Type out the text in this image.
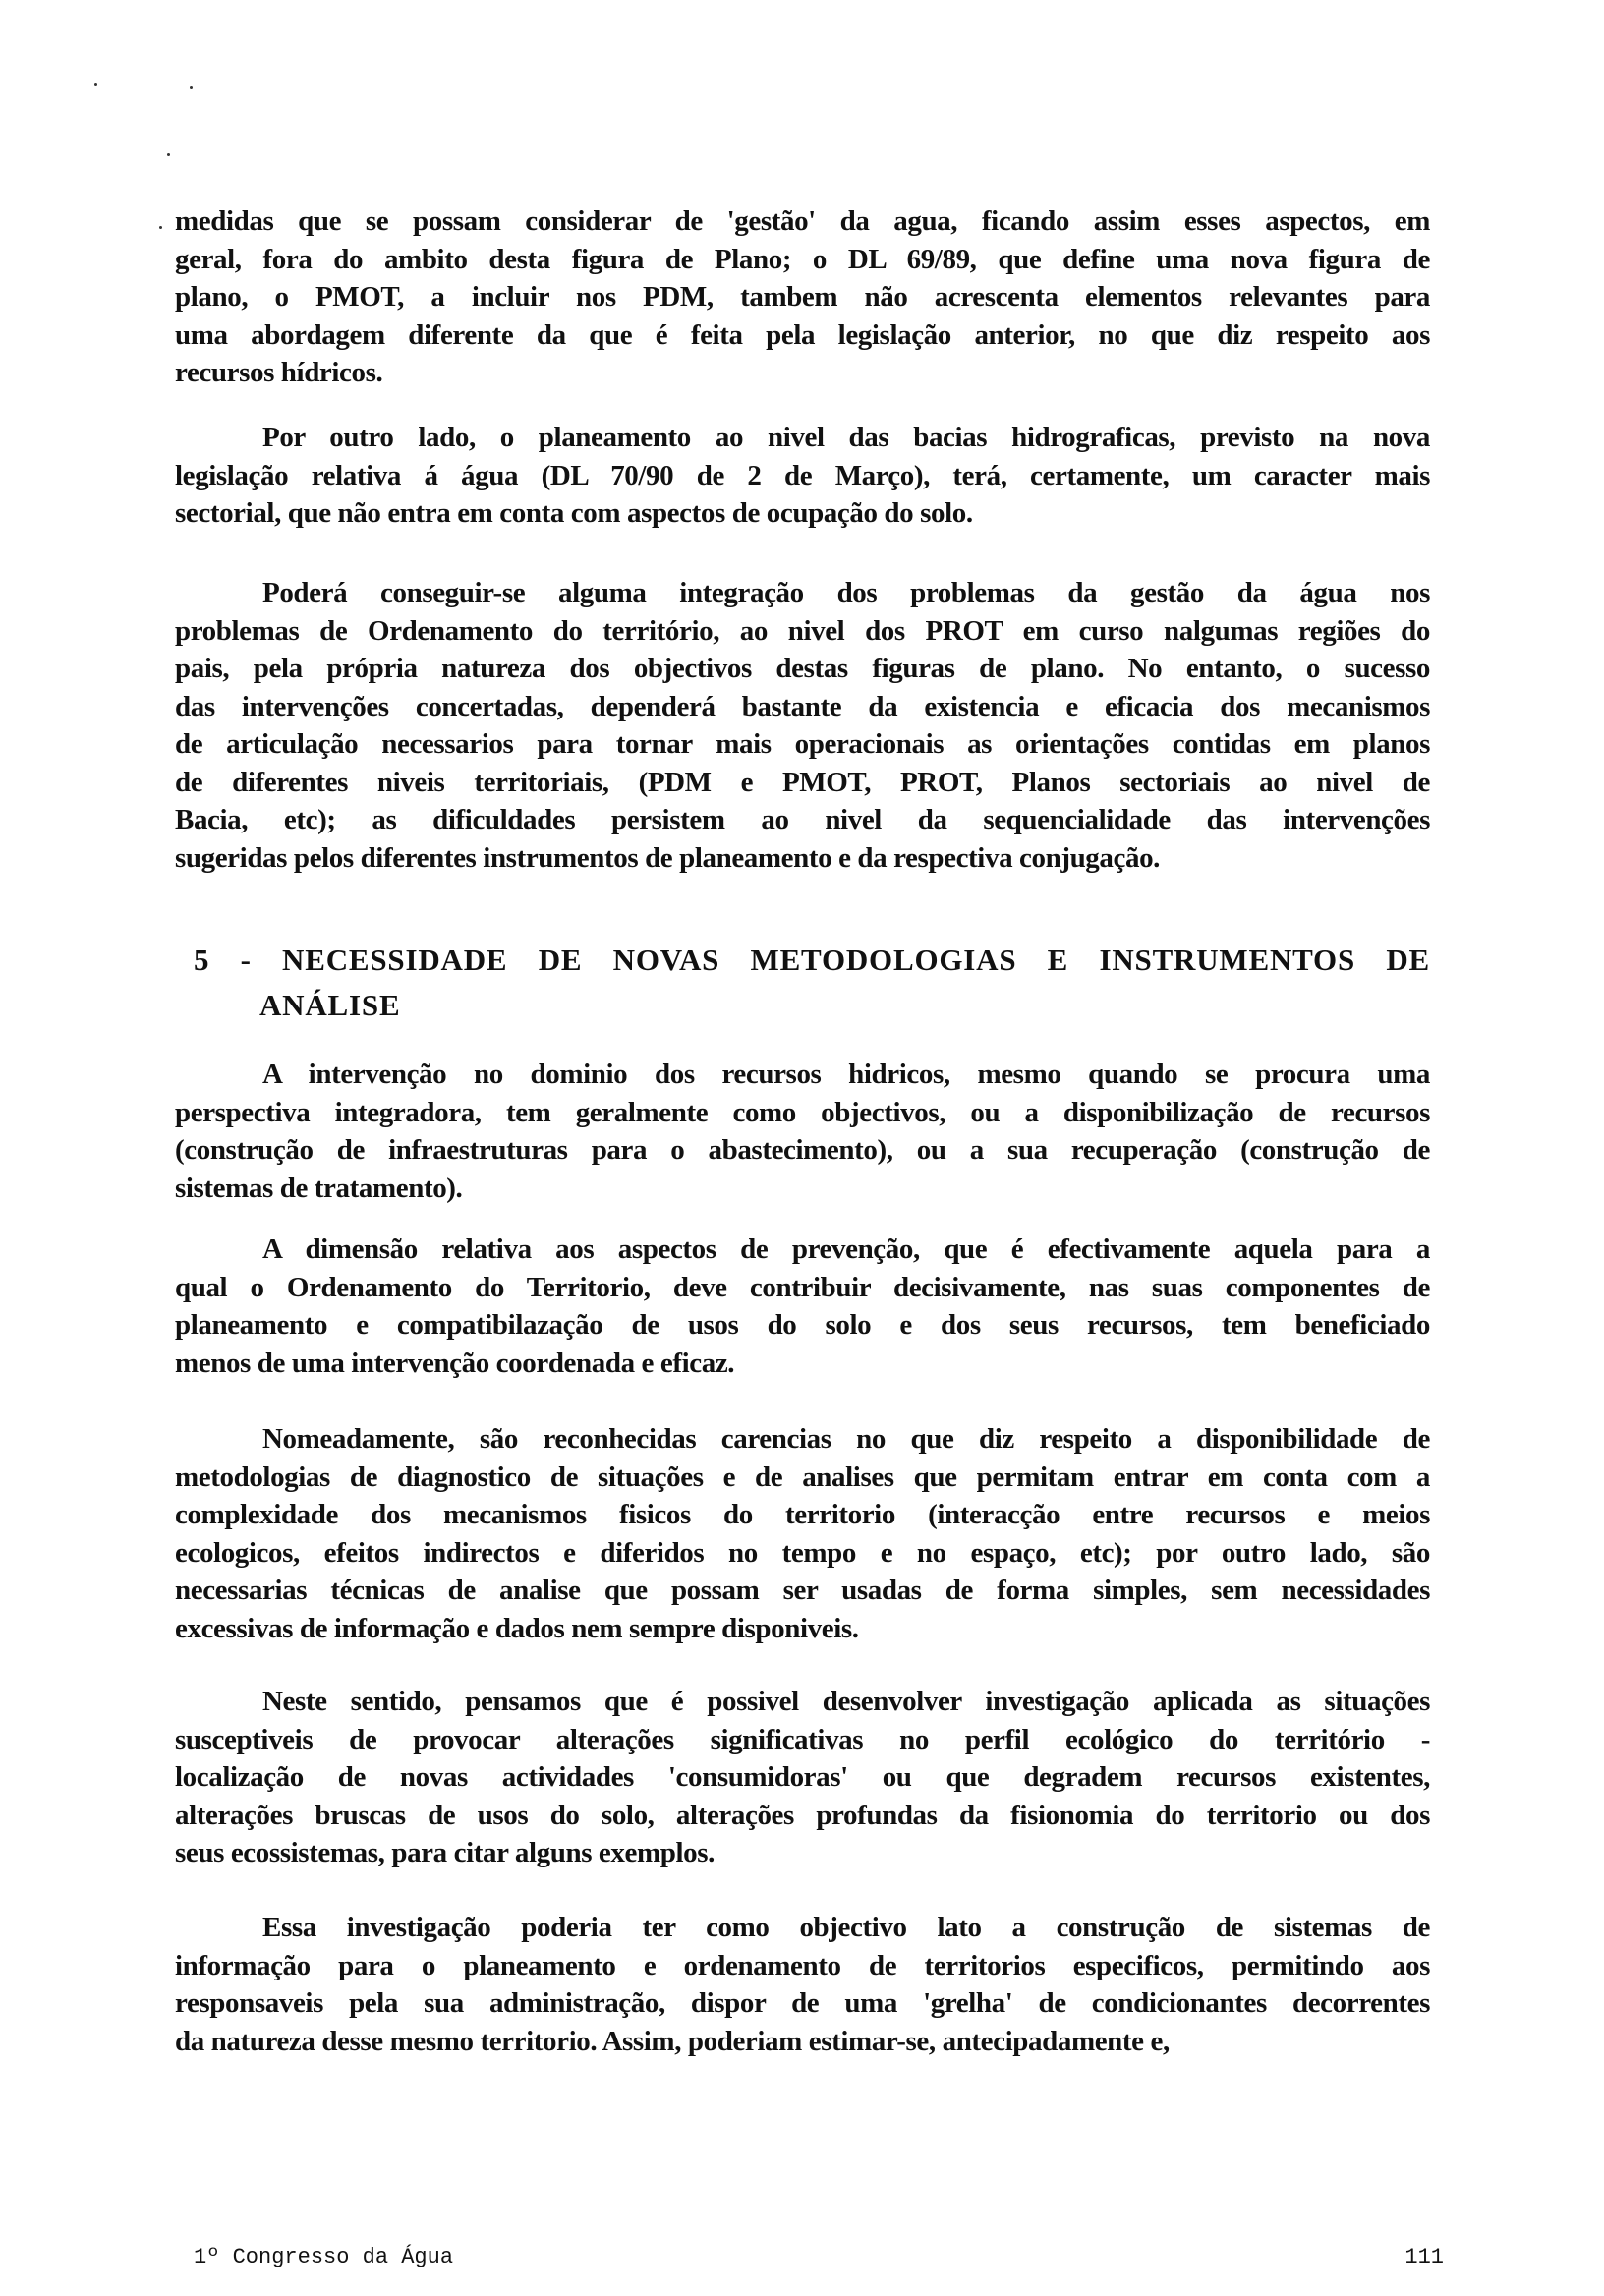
medidas que se possam considerar de 'gestão' da agua, ficando assim esses aspectos, em
geral, fora do ambito desta figura de Plano; o DL 69/89, que define uma nova figura de
plano, o PMOT, a incluir nos PDM, tambem não acrescenta elementos relevantes para
uma abordagem diferente da que é feita pela legislação anterior, no que diz respeito aos
recursos hídricos.
Por outro lado, o planeamento ao nivel das bacias hidrograficas, previsto na nova
legislação relativa á água (DL 70/90 de 2 de Março), terá, certamente, um caracter mais
sectorial, que não entra em conta com aspectos de ocupação do solo.
Poderá conseguir-se alguma integração dos problemas da gestão da água nos
problemas de Ordenamento do território, ao nivel dos PROT em curso nalgumas regiões do
pais, pela própria natureza dos objectivos destas figuras de plano. No entanto, o sucesso
das intervenções concertadas, dependerá bastante da existencia e eficacia dos mecanismos
de articulação necessarios para tornar mais operacionais as orientações contidas em planos
de diferentes niveis territoriais, (PDM e PMOT, PROT, Planos sectoriais ao nivel de
Bacia, etc); as dificuldades persistem ao nivel da sequencialidade das intervenções
sugeridas pelos diferentes instrumentos de planeamento e da respectiva conjugação.
5 - NECESSIDADE DE NOVAS METODOLOGIAS E INSTRUMENTOS DE
ANÁLISE
A intervenção no dominio dos recursos hidricos, mesmo quando se procura uma
perspectiva integradora, tem geralmente como objectivos, ou a disponibilização de recursos
(construção de infraestruturas para o abastecimento), ou a sua recuperação (construção de
sistemas de tratamento).
A dimensão relativa aos aspectos de prevenção, que é efectivamente aquela para a
qual o Ordenamento do Territorio, deve contribuir decisivamente, nas suas componentes de
planeamento e compatibilazação de usos do solo e dos seus recursos, tem beneficiado
menos de uma intervenção coordenada e eficaz.
Nomeadamente, são reconhecidas carencias no que diz respeito a disponibilidade de
metodologias de diagnostico de situações e de analises que permitam entrar em conta com a
complexidade dos mecanismos fisicos do territorio (interacção entre recursos e meios
ecologicos, efeitos indirectos e diferidos no tempo e no espaço, etc); por outro lado, são
necessarias técnicas de analise que possam ser usadas de forma simples, sem necessidades
excessivas de informação e dados nem sempre disponiveis.
Neste sentido, pensamos que é possivel desenvolver investigação aplicada as situações
susceptiveis de provocar alterações significativas no perfil ecológico do território -
localização de novas actividades 'consumidoras' ou que degradem recursos existentes,
alterações bruscas de usos do solo, alterações profundas da fisionomia do territorio ou dos
seus ecossistemas, para citar alguns exemplos.
Essa investigação poderia ter como objectivo lato a construção de sistemas de
informação para o planeamento e ordenamento de territorios especificos, permitindo aos
responsaveis pela sua administração, dispor de uma 'grelha' de condicionantes decorrentes
da natureza desse mesmo territorio. Assim, poderiam estimar-se, antecipadamente e,
1º Congresso da Água	111
